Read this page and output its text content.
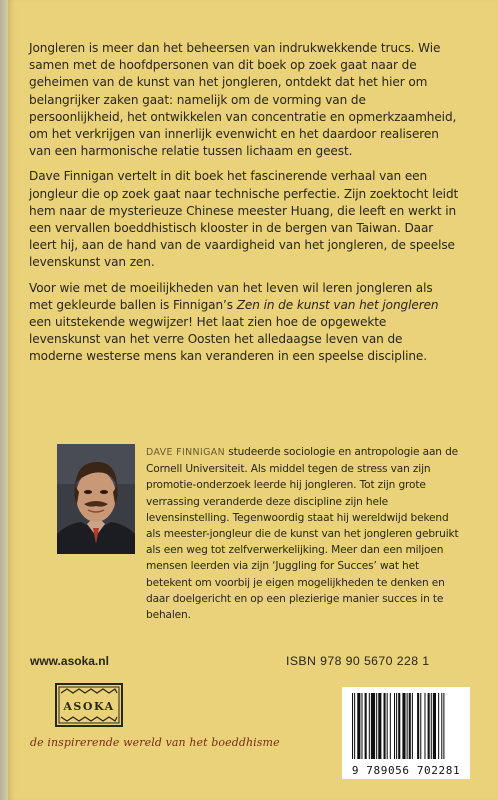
Jongleren is meer dan het beheersen van indrukwekkende trucs. Wie samen met de hoofdpersonen van dit boek op zoek gaat naar de geheimen van de kunst van het jongleren, ontdekt dat het hier om belangrijker zaken gaat: namelijk om de vorming van de persoonlijkheid, het ontwikkelen van concentratie en opmerkzaamheid, om het verkrijgen van innerlijk evenwicht en het daardoor realiseren van een harmonische relatie tussen lichaam en geest.

Dave Finnigan vertelt in dit boek het fascinerende verhaal van een jongleur die op zoek gaat naar technische perfectie. Zijn zoektocht leidt hem naar de mysterieuze Chinese meester Huang, die leeft en werkt in een vervallen boeddhistisch klooster in de bergen van Taiwan. Daar leert hij, aan de hand van de vaardigheid van het jongleren, de speelse levenskunst van zen.

Voor wie met de moeilijkheden van het leven wil leren jongleren als met gekleurde ballen is Finnigan’s Zen in de kunst van het jongleren een uitstekende wegwijzer! Het laat zien hoe de opgewekte levenskunst van het verre Oosten het alledaagse leven van de moderne westerse mens kan veranderen in een speelse discipline.

DAVE FINNIGAN studeerde sociologie en antropologie aan de Cornell Universiteit. Als middel tegen de stress van zijn promotie-onderzoek leerde hij jongleren. Tot zijn grote verrassing veranderde deze discipline zijn hele levensinstelling. Tegenwoordig staat hij wereldwijd bekend als meester-jongleur die de kunst van het jongleren gebruikt als een weg tot zelfverwerkelijking. Meer dan een miljoen mensen leerden via zijn ‘Juggling for Succes’ wat het betekent om voorbij je eigen mogelijkheden te denken en daar doelgericht en op een plezierige manier succes in te behalen.
www.asoka.nl	ISBN 978 90 5670 228 1
ASOKA
de inspirerende wereld van het boeddhisme
9 789056 702281
